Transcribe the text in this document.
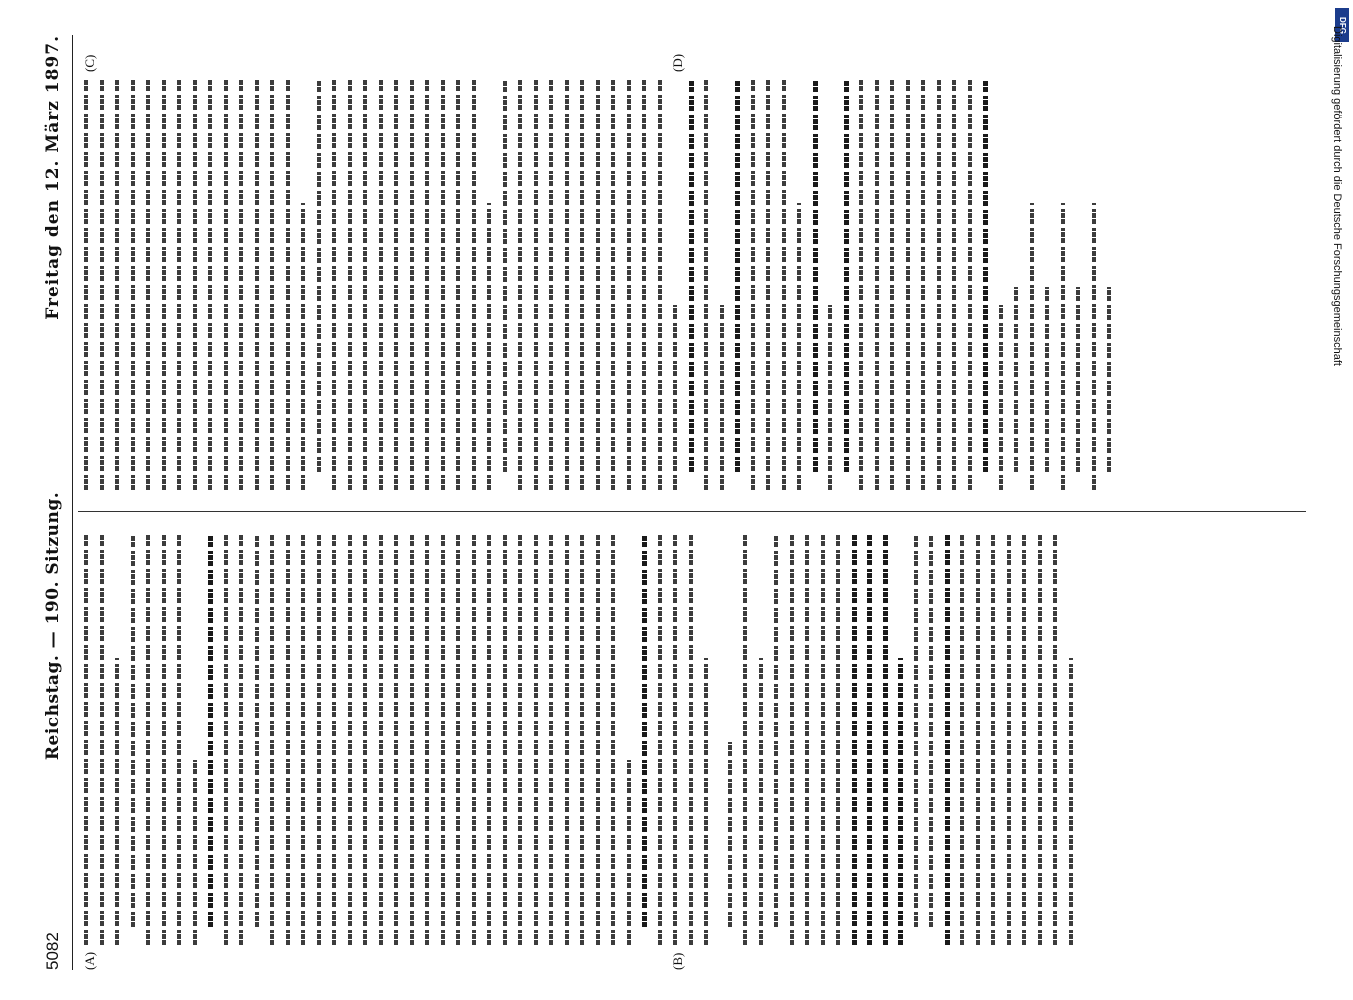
5082
Reichstag. — 190. Sitzung.
Freitag den 12. März 1897.
(A)	(B)
(C)	(D)
DFG
Digitalisierung gefördert durch die Deutsche Forschungsgemeinschaft
